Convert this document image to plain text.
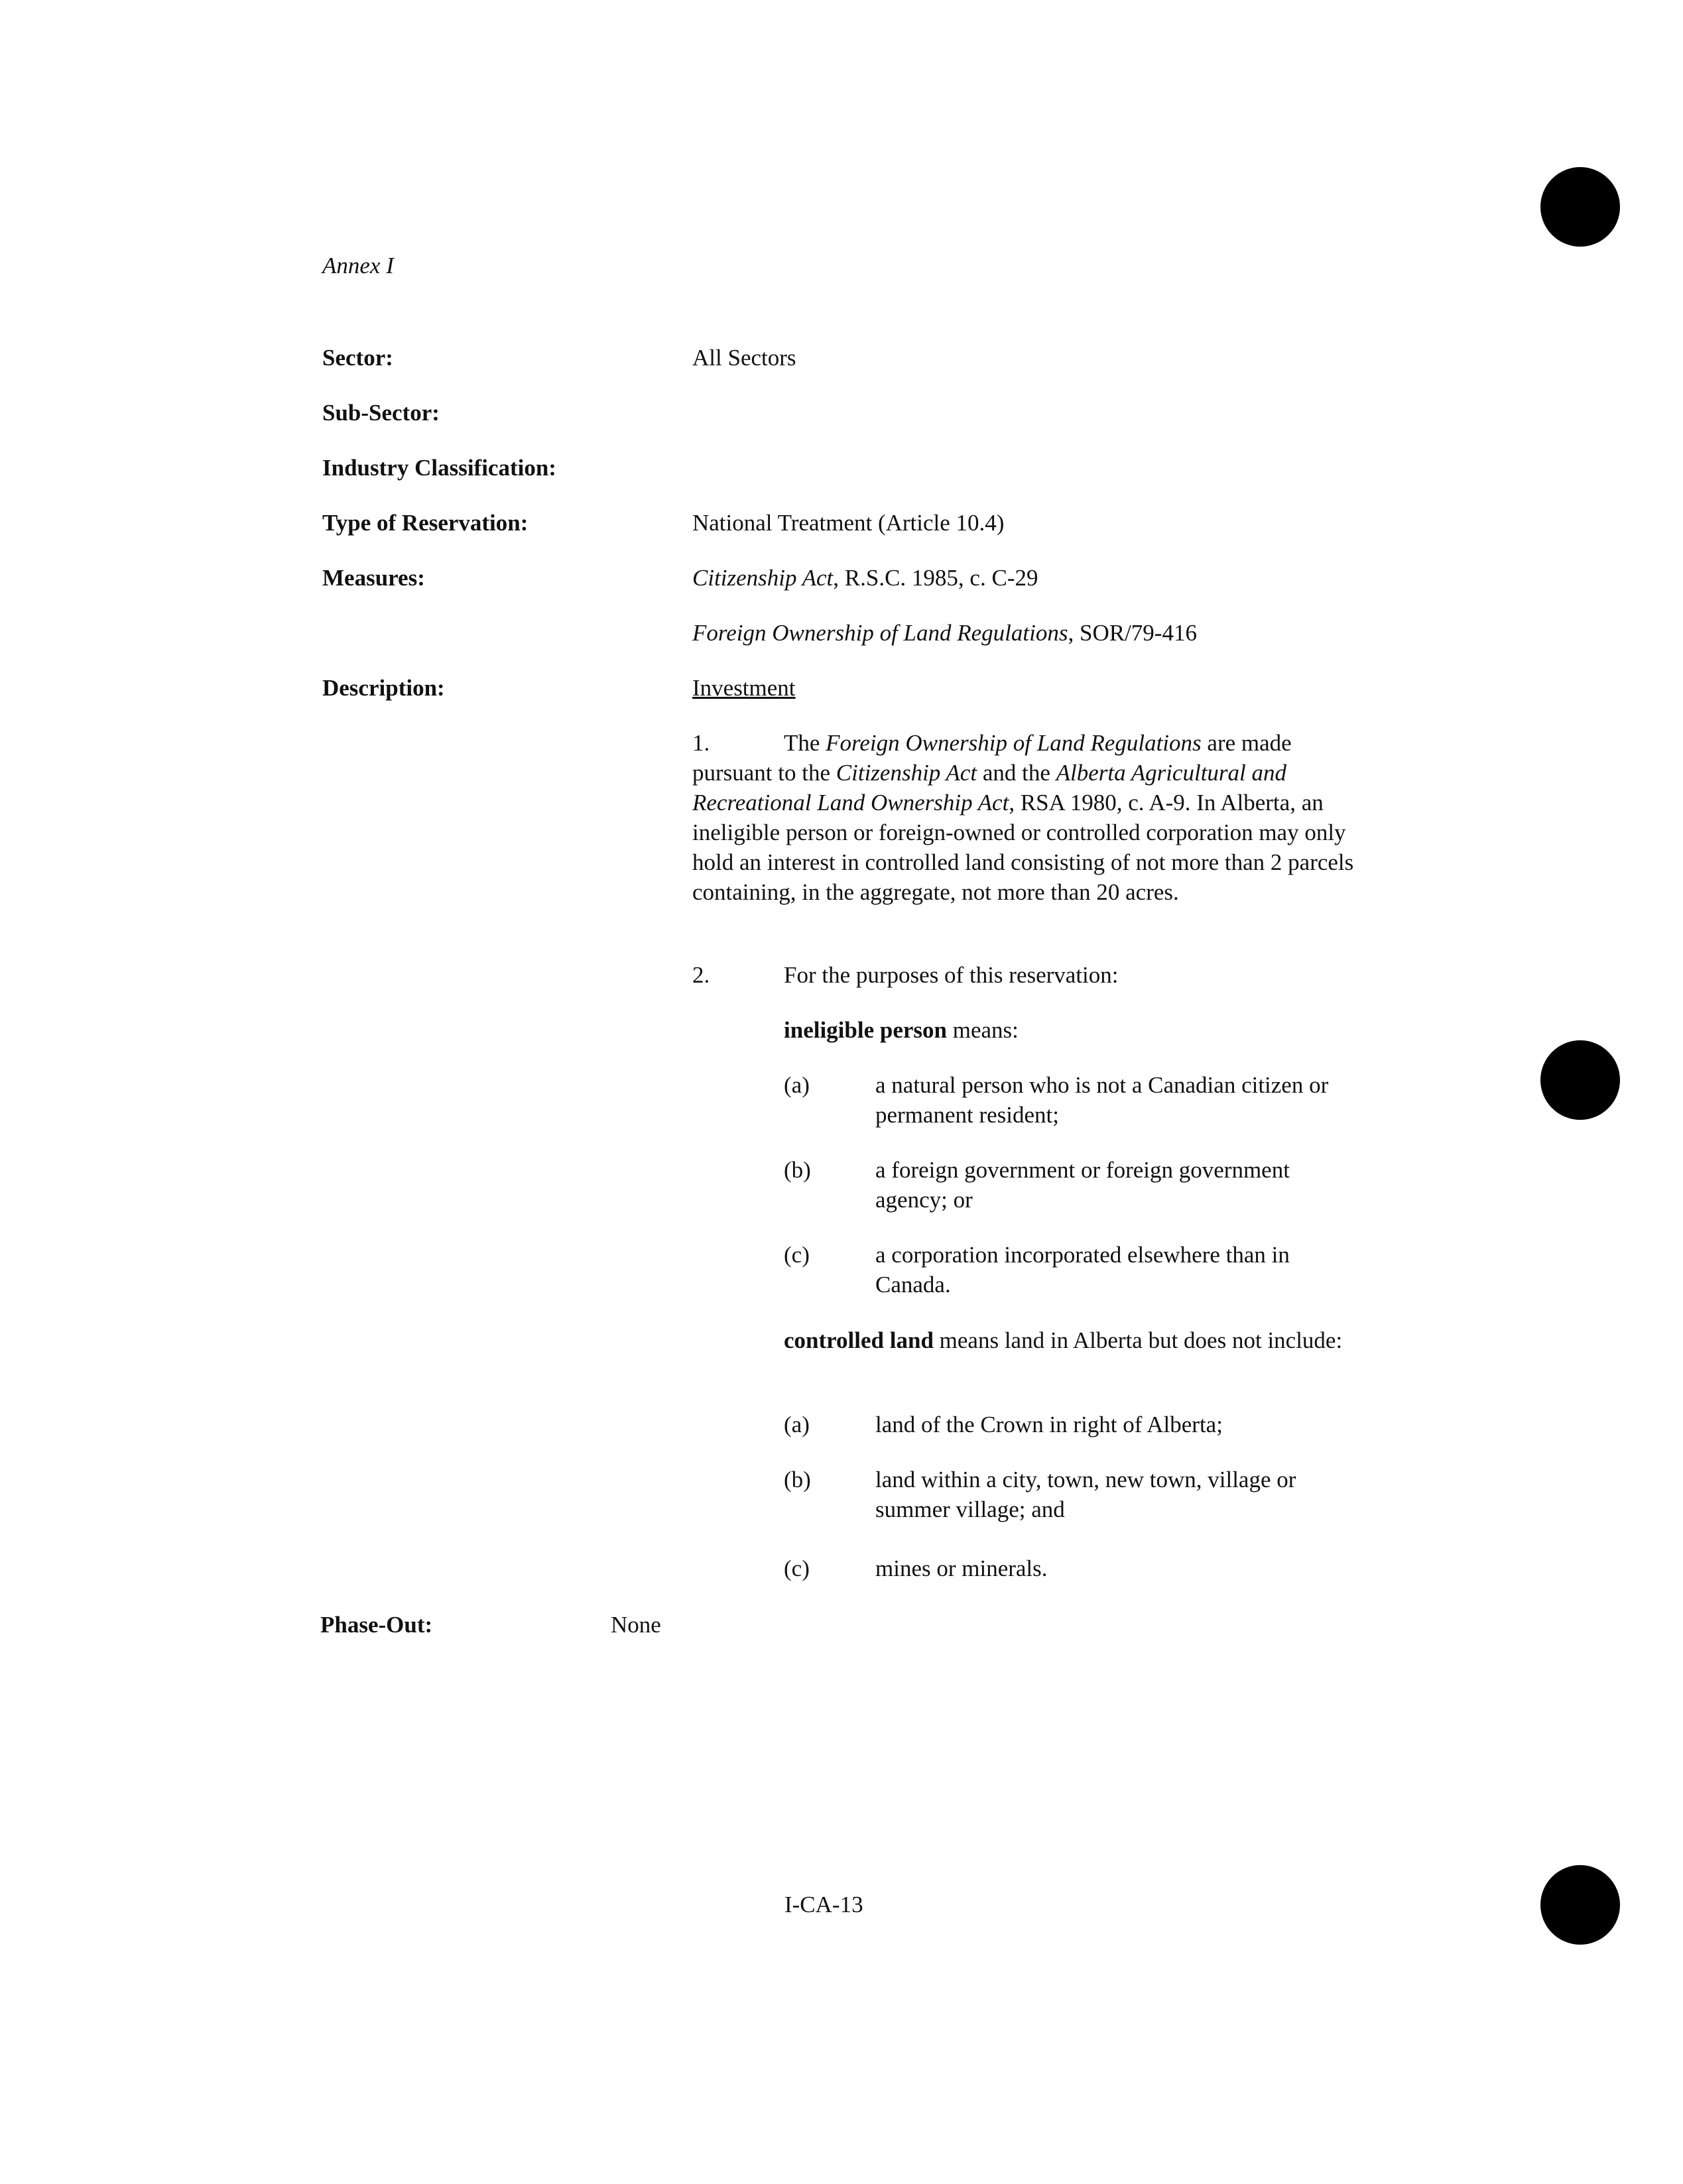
Annex I
Sector:	All Sectors
Sub-Sector:
Industry Classification:
Type of Reservation:	National Treatment (Article 10.4)
Measures:	Citizenship Act, R.S.C. 1985, c. C-29
Foreign Ownership of Land Regulations, SOR/79-416
Description:	Investment
1.	The Foreign Ownership of Land Regulations are made pursuant to the Citizenship Act and the Alberta Agricultural and Recreational Land Ownership Act, RSA 1980, c. A-9. In Alberta, an ineligible person or foreign-owned or controlled corporation may only hold an interest in controlled land consisting of not more than 2 parcels containing, in the aggregate, not more than 20 acres.
2.	For the purposes of this reservation:
ineligible person means:
(a)	a natural person who is not a Canadian citizen or permanent resident;
(b)	a foreign government or foreign government agency; or
(c)	a corporation incorporated elsewhere than in Canada.
controlled land means land in Alberta but does not include:
(a)	land of the Crown in right of Alberta;
(b)	land within a city, town, new town, village or summer village; and
(c)	mines or minerals.
Phase-Out:	None
I-CA-13
